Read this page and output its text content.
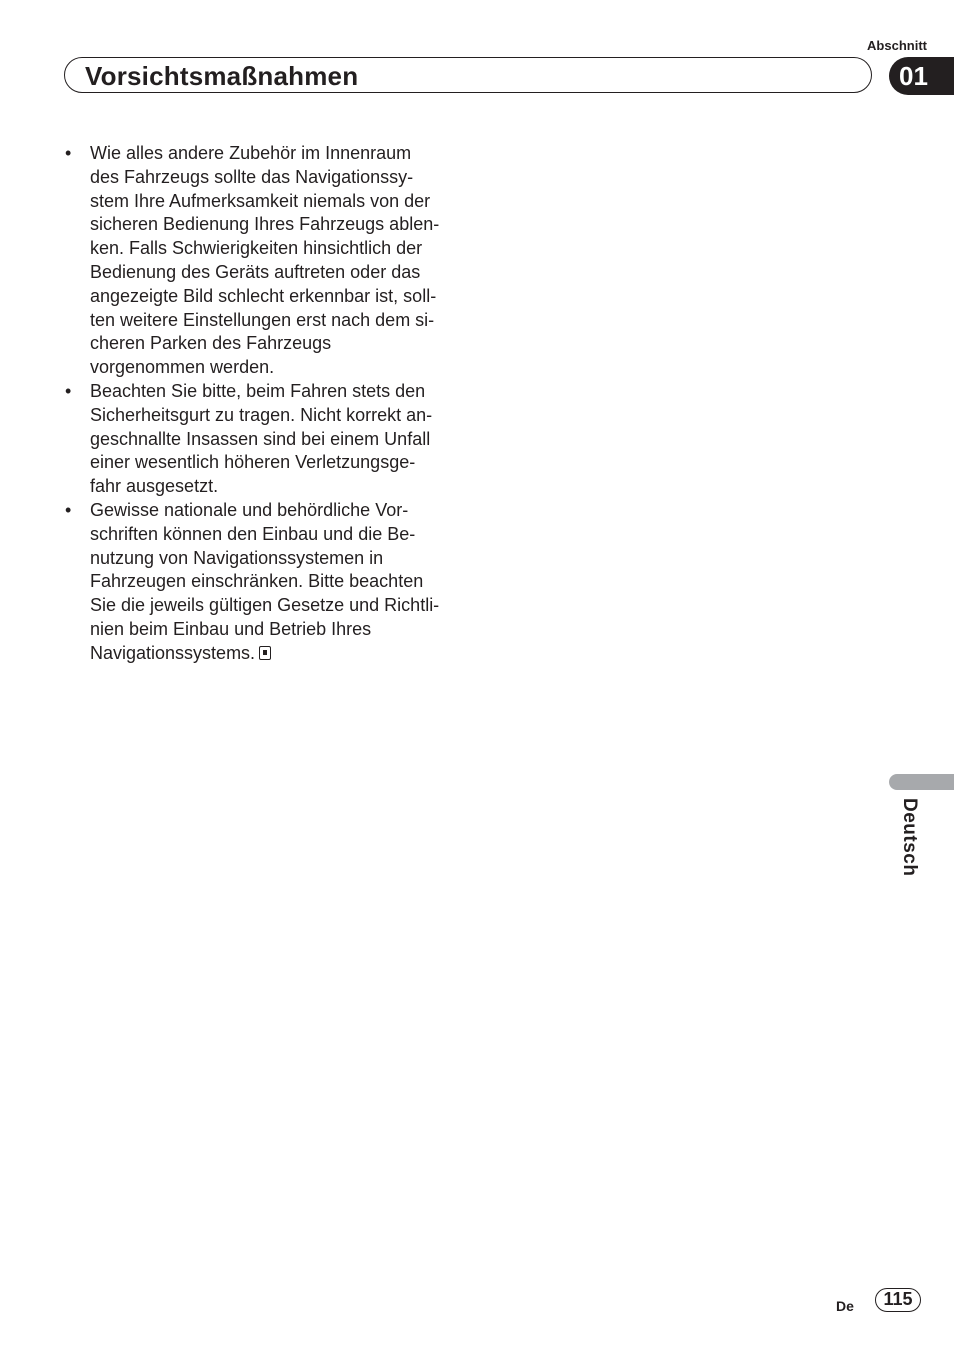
Abschnitt
Vorsichtsmaßnahmen	01
• Wie alles andere Zubehör im Innenraum
des Fahrzeugs sollte das Navigationssy-
stem Ihre Aufmerksamkeit niemals von der
sicheren Bedienung Ihres Fahrzeugs ablen-
ken. Falls Schwierigkeiten hinsichtlich der
Bedienung des Geräts auftreten oder das
angezeigte Bild schlecht erkennbar ist, soll-
ten weitere Einstellungen erst nach dem si-
cheren Parken des Fahrzeugs
vorgenommen werden.
• Beachten Sie bitte, beim Fahren stets den
Sicherheitsgurt zu tragen. Nicht korrekt an-
geschnallte Insassen sind bei einem Unfall
einer wesentlich höheren Verletzungsge-
fahr ausgesetzt.
• Gewisse nationale und behördliche Vor-
schriften können den Einbau und die Be-
nutzung von Navigationssystemen in
Fahrzeugen einschränken. Bitte beachten
Sie die jeweils gültigen Gesetze und Richtli-
nien beim Einbau und Betrieb Ihres
Navigationssystems.
Deutsch
De	115
